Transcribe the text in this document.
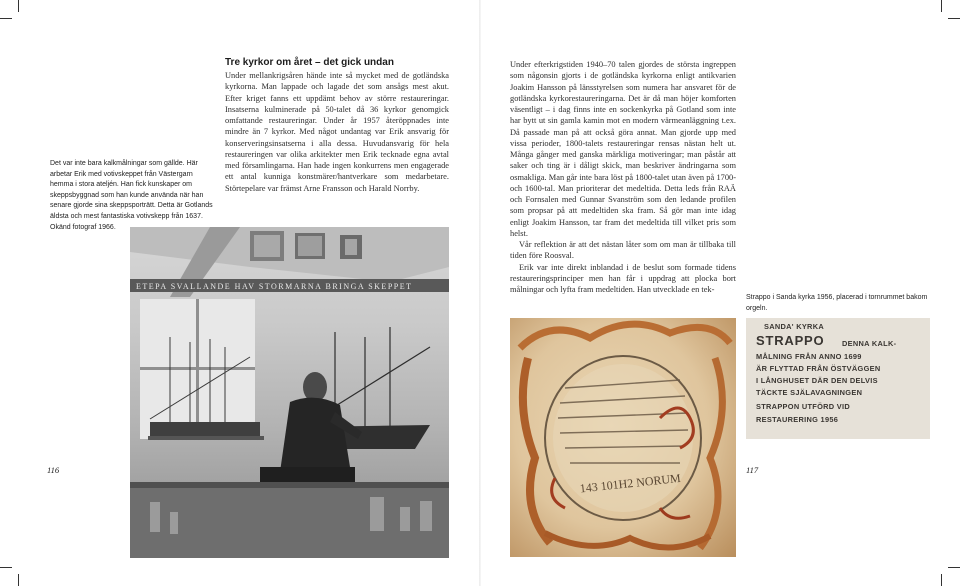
Det var inte bara kalkmålningar som gällde. Här arbetar Erik med votivskeppet från Västergarn hemma i stora ateljén. Han fick kunskaper om skeppsbyggnad som han kunde använda när han senare gjorde sina skeppsporträtt. Detta är Gotlands äldsta och mest fantastiska votivskepp från 1637. Okänd fotograf 1966.
Tre kyrkor om året – det gick undan

Under mellankrigsåren hände inte så mycket med de gotländska kyrkorna. Man lappade och lagade det som ansågs mest akut. Efter kriget fanns ett uppdämt behov av större restaureringar. Insatserna kulminerade på 50-talet då 36 kyrkor genomgick omfattande restaureringar. Under år 1957 återöppnades inte mindre än 7 kyrkor. Med något undantag var Erik ansvarig för konserveringsinsatserna i alla dessa. Huvudansvarig för hela restaureringen var olika arkitekter men Erik tecknade egna avtal med församlingarna. Han hade ingen konkurrens men engagerade ett antal kunniga konstmärer/hantverkare som medarbetare. Störtepelare var främst Arne Fransson och Harald Norrby.

Under efterkrigstiden 1940–70 talen gjordes de största ingreppen som någonsin gjorts i de gotländska kyrkorna enligt antikvarien Joakim Hansson på länsstyrelsen som numera har ansvaret för de gotländska kyrkorestaureringarna. Det är då man höjer komforten väsentligt – i dag finns inte en sockenkyrka på Gotland som inte har bytt ut sin gamla kamin mot en modern värmeanläggning t.ex. Då passade man på att också göra annat. Man gjorde upp med vissa perioder, 1800-talets restaureringar rensas nästan helt ut. Många gånger med ganska märkliga motiveringar; man påstår att saker och ting är i dåligt skick, man beskriver ändringarna som osmakliga. Man går inte bara löst på 1800-talet utan även på 1700- och 1600-tal. Man prioriterar det medeltida. Detta leds från RAÄ och Fornsalen med Gunnar Svanström som den ledande profilen som propsar på att medeltiden ska fram. Så gör man inte idag enligt Joakim Hansson, tar fram det medeltida till vilket pris som helst.

Vår reflektion är att det nästan låter som om man är tillbaka till tiden före Roosval.

Erik var inte direkt inblandad i de beslut som formade tidens restaureringsprinciper men han får i uppdrag att plocka bort målningar och lyfta fram medeltiden. Han utvecklade en tek-

ETEPA SVALLANDE HAV STORMARNA BRINGA SKEPPET
143 101H2 NORUM
SANDA' KYRKA
STRAPPO	DENNA KALK-
MÅLNING FRÅN ANNO 1699
ÄR FLYTTAD FRÅN ÖSTVÄGGEN
I LÅNGHUSET DÄR DEN DELVIS
TÄCKTE SJÄLAVAGNINGEN
STRAPPON UTFÖRD VID
RESTAURERING 1956
Strappo i Sanda kyrka 1956, placerad i tornrummet bakom orgeln.
116	117
